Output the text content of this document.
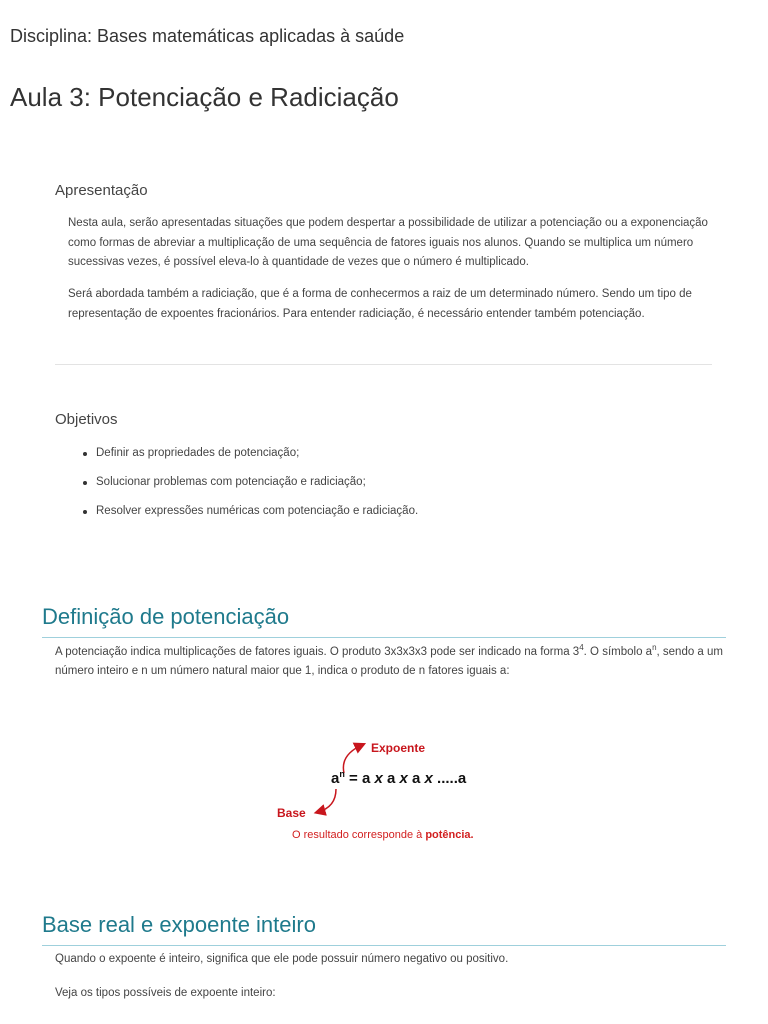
Disciplina: Bases matemáticas aplicadas à saúde
Aula 3: Potenciação e Radiciação
Apresentação

Nesta aula, serão apresentadas situações que podem despertar a possibilidade de utilizar a potenciação ou a exponenciação como formas de abreviar a multiplicação de uma sequência de fatores iguais nos alunos. Quando se multiplica um número sucessivas vezes, é possível eleva-lo à quantidade de vezes que o número é multiplicado.

Será abordada também a radiciação, que é a forma de conhecermos a raiz de um determinado número. Sendo um tipo de representação de expoentes fracionários. Para entender radiciação, é necessário entender também potenciação.

Objetivos
Definir as propriedades de potenciação;
Solucionar problemas com potenciação e radiciação;
Resolver expressões numéricas com potenciação e radiciação.
Definição de potenciação

A potenciação indica multiplicações de fatores iguais. O produto 3x3x3x3 pode ser indicado na forma $3^4$. O símbolo $a^n$, sendo a um número inteiro e n um número natural maior que 1, indica o produto de n fatores iguais a:

Expoente
Base
$a^n = a$ x a x a x .....a
O resultado corresponde à potência.
Base real e expoente inteiro

Quando o expoente é inteiro, significa que ele pode possuir número negativo ou positivo.

Veja os tipos possíveis de expoente inteiro:
